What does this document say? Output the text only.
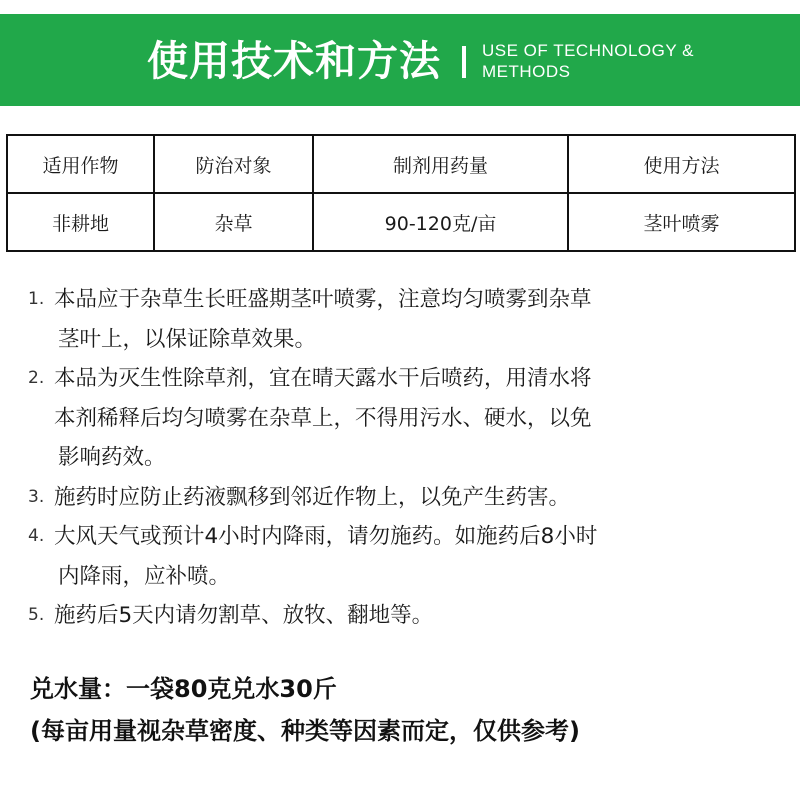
使用技术和方法 USE OF TECHNOLOGY &
METHODS
适用作物	防治对象	制剂用药量	使用方法
非耕地	杂草	90-120克/亩	茎叶喷雾
1. 本品应于杂草生长旺盛期茎叶喷雾，注意均匀喷雾到杂草
茎叶上，以保证除草效果。
2. 本品为灭生性除草剂，宜在晴天露水干后喷药，用清水将
本剂稀释后均匀喷雾在杂草上，不得用污水、硬水，以免
影响药效。
3. 施药时应防止药液飘移到邻近作物上，以免产生药害。
4. 大风天气或预计4小时内降雨，请勿施药。如施药后8小时
内降雨，应补喷。
5. 施药后5天内请勿割草、放牧、翻地等。
兑水量：一袋80克兑水30斤
(每亩用量视杂草密度、种类等因素而定，仅供参考)
